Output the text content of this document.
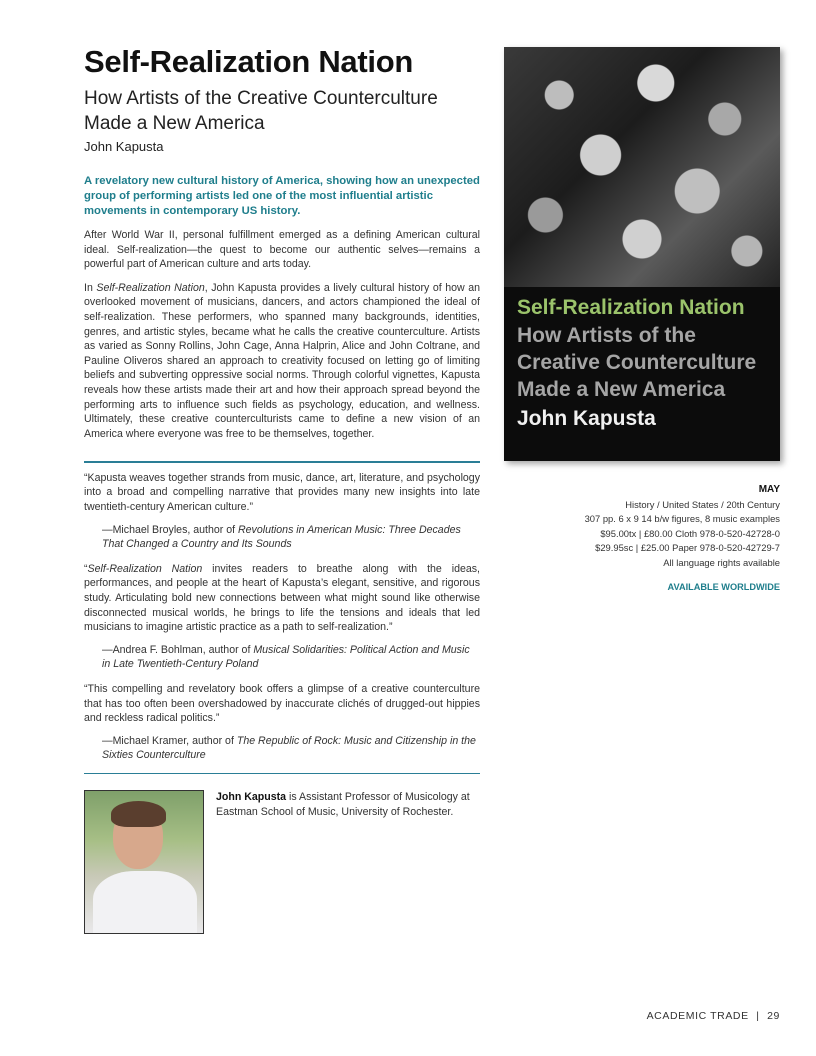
Self-Realization Nation

How Artists of the Creative Counterculture Made a New America

John Kapusta

A revelatory new cultural history of America, showing how an unexpected group of performing artists led one of the most influential artistic movements in contemporary US history.

After World War II, personal fulfillment emerged as a defining American cultural ideal. Self-realization—the quest to become our authentic selves—remains a powerful part of American culture and arts today.

In Self-Realization Nation, John Kapusta provides a lively cultural history of how an overlooked movement of musicians, dancers, and actors championed the ideal of self-realization. These performers, who spanned many backgrounds, identities, genres, and artistic styles, became what he calls the creative counterculture. Artists as varied as Sonny Rollins, John Cage, Anna Halprin, Alice and John Coltrane, and Pauline Oliveros shared an approach to creativity focused on letting go of limiting beliefs and subverting oppressive social norms. Through colorful vignettes, Kapusta reveals how these artists made their art and how their approach spread beyond the performing arts to influence such fields as psychology, education, and wellness. Ultimately, these creative counterculturists came to define a new vision of an America where everyone was free to be themselves, together.

“Kapusta weaves together strands from music, dance, art, literature, and psychology into a broad and compelling narrative that provides many new insights into late twentieth-century American culture.”

—Michael Broyles, author of Revolutions in American Music: Three Decades That Changed a Country and Its Sounds

“Self-Realization Nation invites readers to breathe along with the ideas, performances, and people at the heart of Kapusta’s elegant, sensitive, and rigorous study. Articulating bold new connections between what might sound like otherwise disconnected musical worlds, he brings to life the tensions and ideals that led musicians to imagine artistic practice as a path to self-realization.”

—Andrea F. Bohlman, author of Musical Solidarities: Political Action and Music in Late Twentieth-Century Poland

“This compelling and revelatory book offers a glimpse of a creative counterculture that has too often been overshadowed by inaccurate clichés of drugged-out hippies and reckless radical politics.”

—Michael Kramer, author of The Republic of Rock: Music and Citizenship in the Sixties Counterculture

John Kapusta is Assistant Professor of Musicology at Eastman School of Music, University of Rochester.

Self-Realization Nation
How Artists of the Creative Counterculture Made a New America
John Kapusta
MAY
History / United States / 20th Century
307 pp. 6 x 9 14 b/w figures, 8 music examples
$95.00tx | £80.00 Cloth 978-0-520-42728-0
$29.95sc | £25.00 Paper 978-0-520-42729-7
All language rights available
AVAILABLE WORLDWIDE
ACADEMIC TRADE | 29
